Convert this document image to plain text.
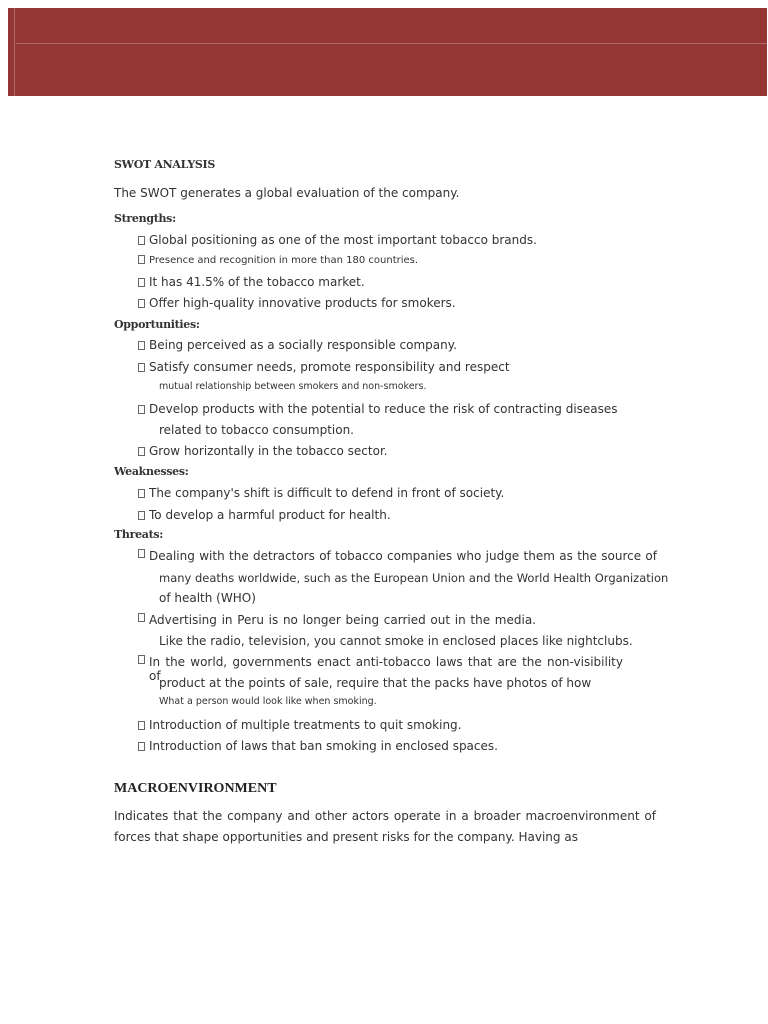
SWOT ANALYSIS
The SWOT generates a global evaluation of the company.
Strengths:
Global positioning as one of the most important tobacco brands.
Presence and recognition in more than 180 countries.
It has 41.5% of the tobacco market.
Offer high-quality innovative products for smokers.
Opportunities:
Being perceived as a socially responsible company.
Satisfy consumer needs, promote responsibility and respect
mutual relationship between smokers and non-smokers.
Develop products with the potential to reduce the risk of contracting diseases
related to tobacco consumption.
Grow horizontally in the tobacco sector.
Weaknesses:
The company's shift is difficult to defend in front of society.
To develop a harmful product for health.
Threats:
Dealing with the detractors of tobacco companies who judge them as the source of
many deaths worldwide, such as the European Union and the World Health Organization
of health (WHO)
Advertising in Peru is no longer being carried out in the media.
Like the radio, television, you cannot smoke in enclosed places like nightclubs.
In the world, governments enact anti-tobacco laws that are the non-visibility of
product at the points of sale, require that the packs have photos of how
What a person would look like when smoking.
Introduction of multiple treatments to quit smoking.
Introduction of laws that ban smoking in enclosed spaces.
MACROENVIRONMENT
Indicates that the company and other actors operate in a broader macroenvironment of
forces that shape opportunities and present risks for the company. Having as
